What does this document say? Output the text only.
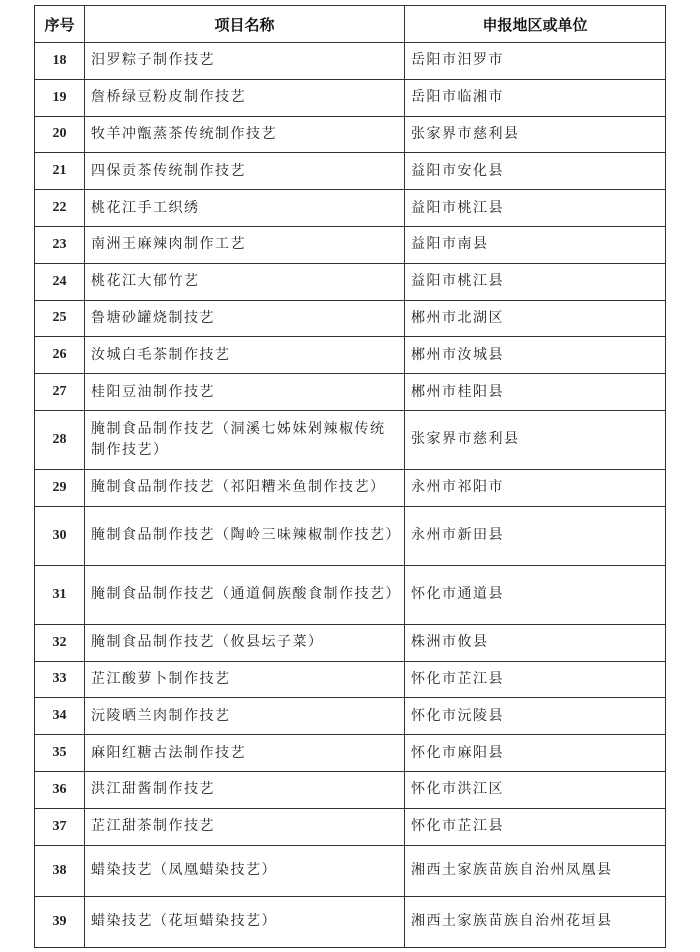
序号	项目名称	申报地区或单位
18	汨罗粽子制作技艺	岳阳市汨罗市
19	詹桥绿豆粉皮制作技艺	岳阳市临湘市
20	牧羊冲甑蒸茶传统制作技艺	张家界市慈利县
21	四保贡茶传统制作技艺	益阳市安化县
22	桃花江手工织绣	益阳市桃江县
23	南洲王麻辣肉制作工艺	益阳市南县
24	桃花江大郁竹艺	益阳市桃江县
25	鲁塘砂罐烧制技艺	郴州市北湖区
26	汝城白毛茶制作技艺	郴州市汝城县
27	桂阳豆油制作技艺	郴州市桂阳县
28	腌制食品制作技艺（洞溪七姊妹剁辣椒传统制作技艺）	张家界市慈利县
29	腌制食品制作技艺（祁阳糟米鱼制作技艺）	永州市祁阳市
30	腌制食品制作技艺（陶岭三味辣椒制作技艺）	永州市新田县
31	腌制食品制作技艺（通道侗族酸食制作技艺）	怀化市通道县
32	腌制食品制作技艺（攸县坛子菜）	株洲市攸县
33	芷江酸萝卜制作技艺	怀化市芷江县
34	沅陵晒兰肉制作技艺	怀化市沅陵县
35	麻阳红糖古法制作技艺	怀化市麻阳县
36	洪江甜酱制作技艺	怀化市洪江区
37	芷江甜茶制作技艺	怀化市芷江县
38	蜡染技艺（凤凰蜡染技艺）	湘西土家族苗族自治州凤凰县
39	蜡染技艺（花垣蜡染技艺）	湘西土家族苗族自治州花垣县
